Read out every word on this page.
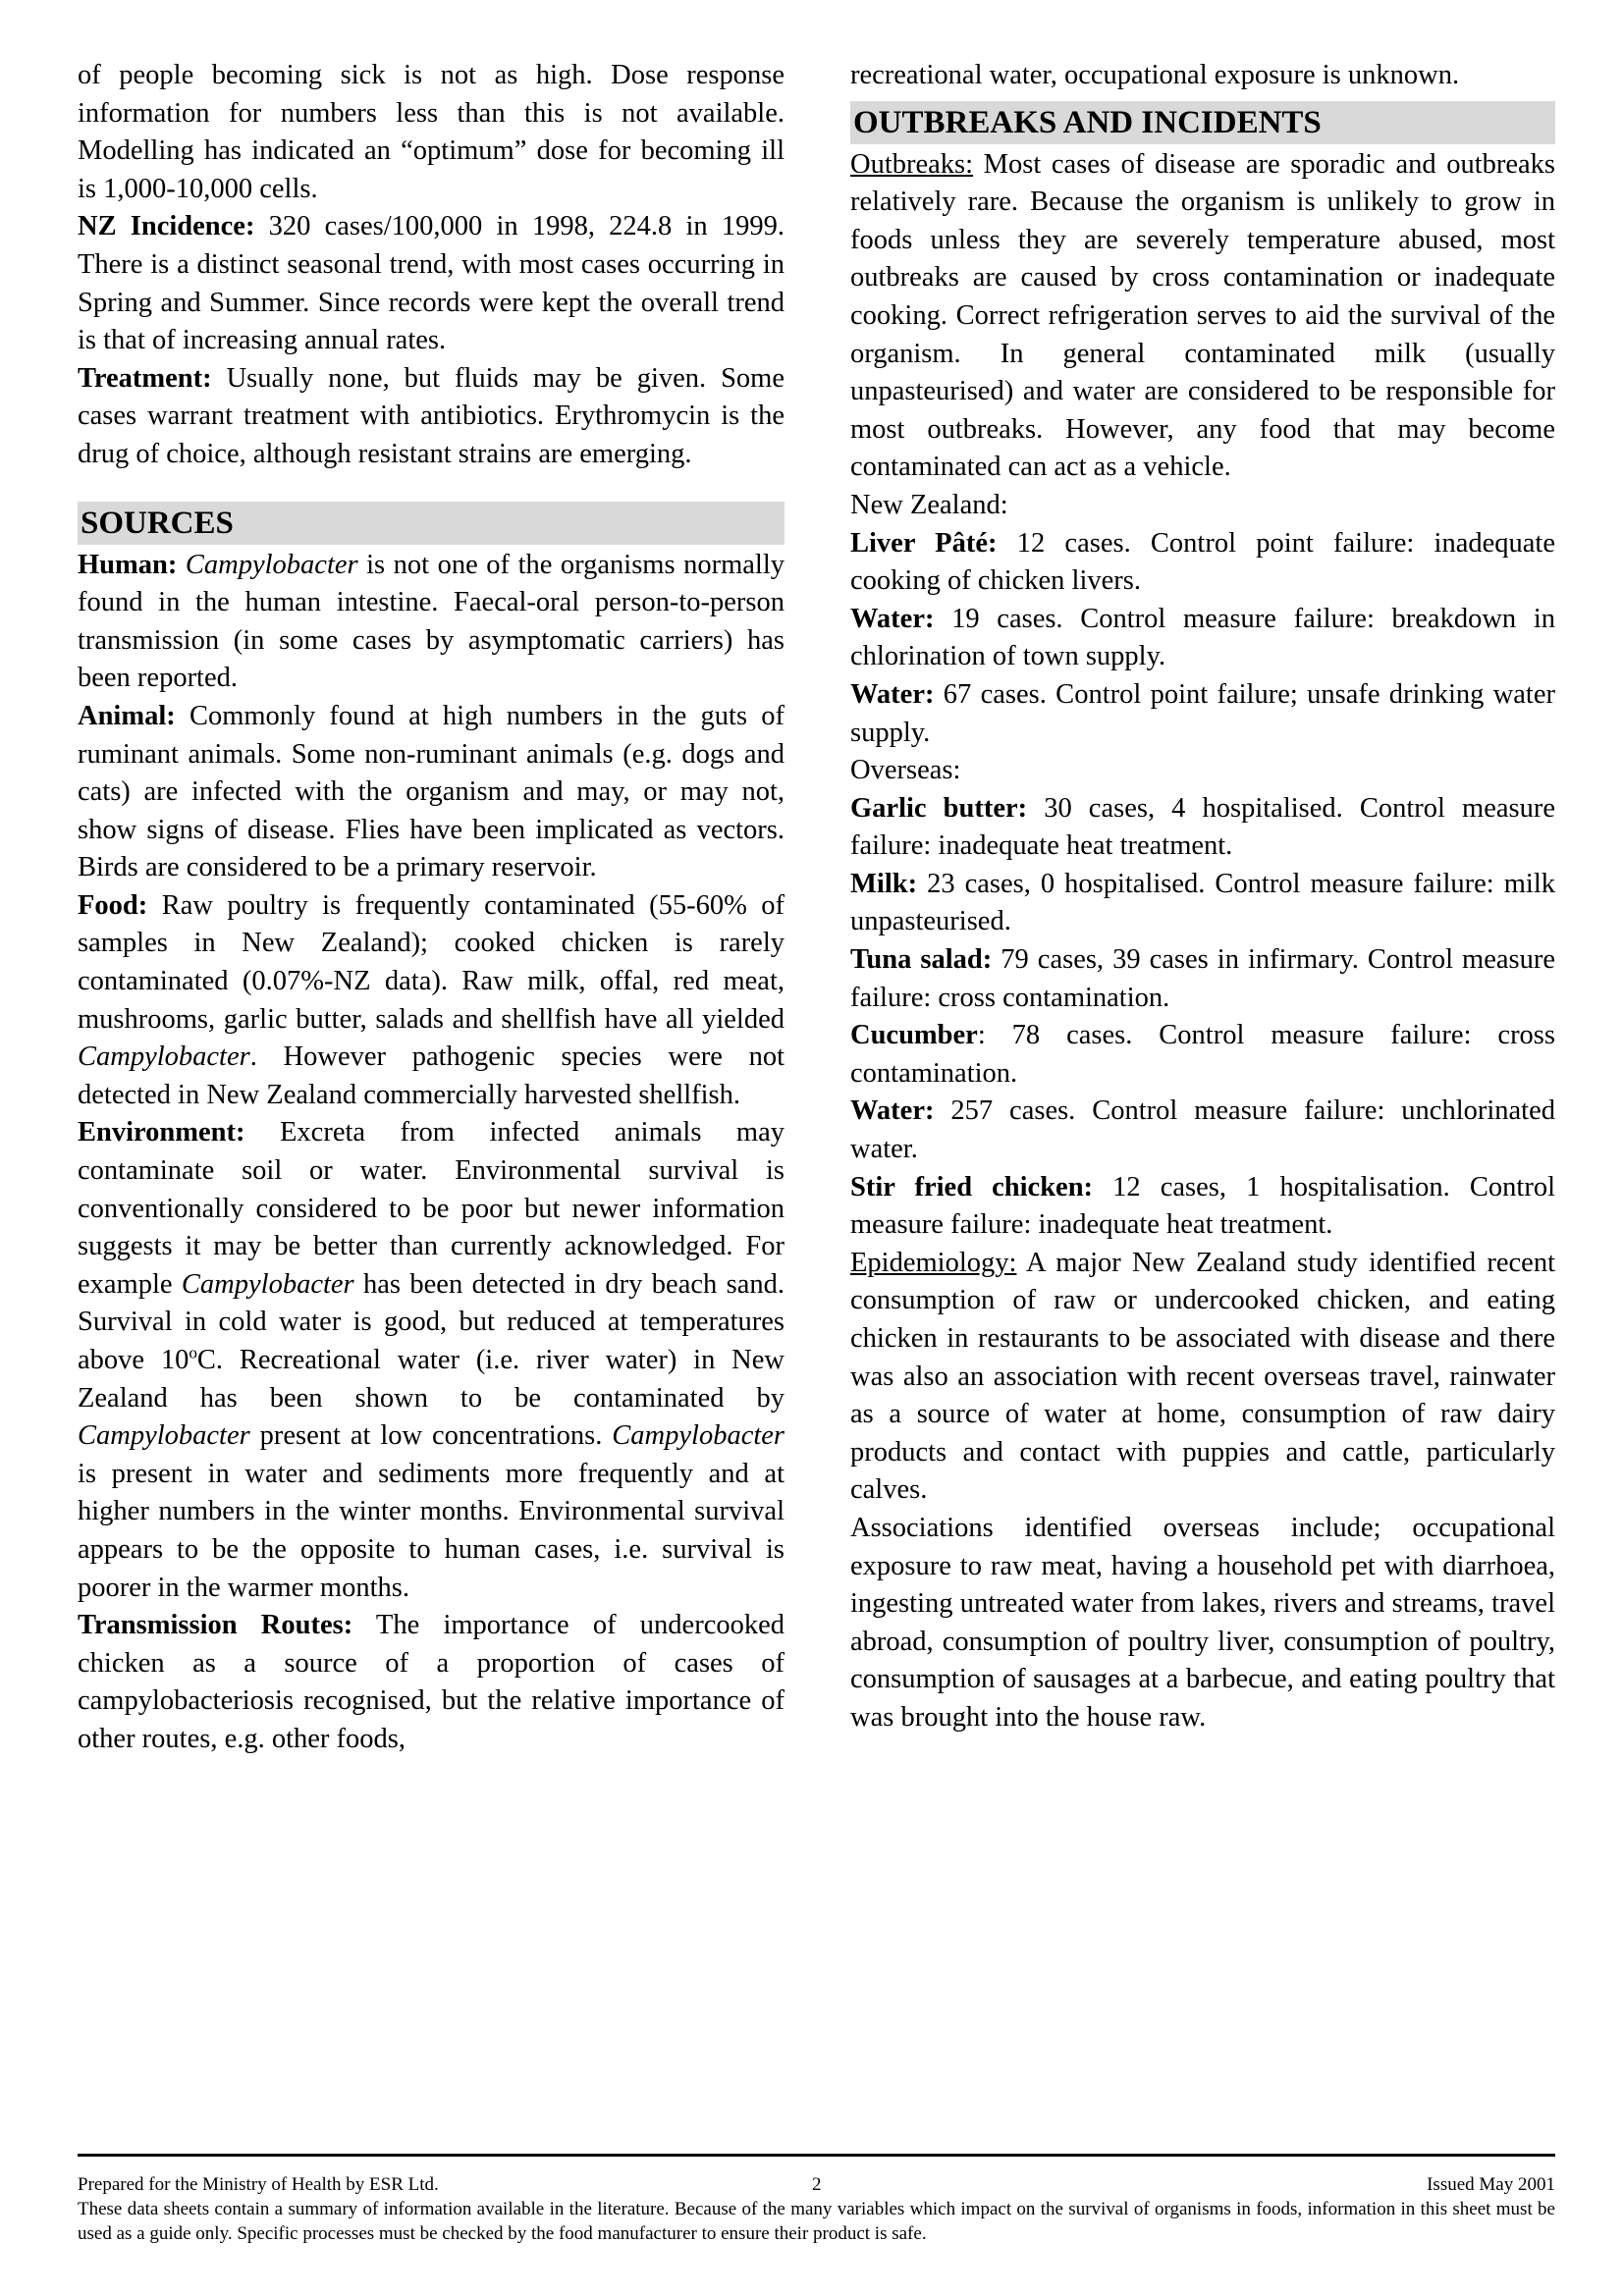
of people becoming sick is not as high. Dose response information for numbers less than this is not available. Modelling has indicated an “optimum” dose for becoming ill is 1,000-10,000 cells.

NZ Incidence: 320 cases/100,000 in 1998, 224.8 in 1999. There is a distinct seasonal trend, with most cases occurring in Spring and Summer. Since records were kept the overall trend is that of increasing annual rates.

Treatment: Usually none, but fluids may be given. Some cases warrant treatment with antibiotics. Erythromycin is the drug of choice, although resistant strains are emerging.

SOURCES

Human: Campylobacter is not one of the organisms normally found in the human intestine. Faecal-oral person-to-person transmission (in some cases by asymptomatic carriers) has been reported.

Animal: Commonly found at high numbers in the guts of ruminant animals. Some non-ruminant animals (e.g. dogs and cats) are infected with the organism and may, or may not, show signs of disease. Flies have been implicated as vectors. Birds are considered to be a primary reservoir.

Food: Raw poultry is frequently contaminated (55-60% of samples in New Zealand); cooked chicken is rarely contaminated (0.07%-NZ data). Raw milk, offal, red meat, mushrooms, garlic butter, salads and shellfish have all yielded Campylobacter. However pathogenic species were not detected in New Zealand commercially harvested shellfish.

Environment: Excreta from infected animals may contaminate soil or water. Environmental survival is conventionally considered to be poor but newer information suggests it may be better than currently acknowledged. For example Campylobacter has been detected in dry beach sand. Survival in cold water is good, but reduced at temperatures above 10$^o$C. Recreational water (i.e. river water) in New Zealand has been shown to be contaminated by Campylobacter present at low concentrations. Campylobacter is present in water and sediments more frequently and at higher numbers in the winter months. Environmental survival appears to be the opposite to human cases, i.e. survival is poorer in the warmer months.

Transmission Routes: The importance of undercooked chicken as a source of a proportion of cases of campylobacteriosis recognised, but the relative importance of other routes, e.g. other foods,

recreational water, occupational exposure is unknown.

OUTBREAKS AND INCIDENTS

Outbreaks: Most cases of disease are sporadic and outbreaks relatively rare. Because the organism is unlikely to grow in foods unless they are severely temperature abused, most outbreaks are caused by cross contamination or inadequate cooking. Correct refrigeration serves to aid the survival of the organism. In general contaminated milk (usually unpasteurised) and water are considered to be responsible for most outbreaks. However, any food that may become contaminated can act as a vehicle.

New Zealand:

Liver Pâté: 12 cases. Control point failure: inadequate cooking of chicken livers.

Water: 19 cases. Control measure failure: breakdown in chlorination of town supply.

Water: 67 cases. Control point failure; unsafe drinking water supply.

Overseas:

Garlic butter: 30 cases, 4 hospitalised. Control measure failure: inadequate heat treatment.

Milk: 23 cases, 0 hospitalised. Control measure failure: milk unpasteurised.

Tuna salad: 79 cases, 39 cases in infirmary. Control measure failure: cross contamination.

Cucumber: 78 cases. Control measure failure: cross contamination.

Water: 257 cases. Control measure failure: unchlorinated water.

Stir fried chicken: 12 cases, 1 hospitalisation. Control measure failure: inadequate heat treatment.

Epidemiology: A major New Zealand study identified recent consumption of raw or undercooked chicken, and eating chicken in restaurants to be associated with disease and there was also an association with recent overseas travel, rainwater as a source of water at home, consumption of raw dairy products and contact with puppies and cattle, particularly calves.

Associations identified overseas include; occupational exposure to raw meat, having a household pet with diarrhoea, ingesting untreated water from lakes, rivers and streams, travel abroad, consumption of poultry liver, consumption of poultry, consumption of sausages at a barbecue, and eating poultry that was brought into the house raw.

Prepared for the Ministry of Health by ESR Ltd.	2	Issued May 2001

These data sheets contain a summary of information available in the literature. Because of the many variables which impact on the survival of organisms in foods, information in this sheet must be used as a guide only. Specific processes must be checked by the food manufacturer to ensure their product is safe.
